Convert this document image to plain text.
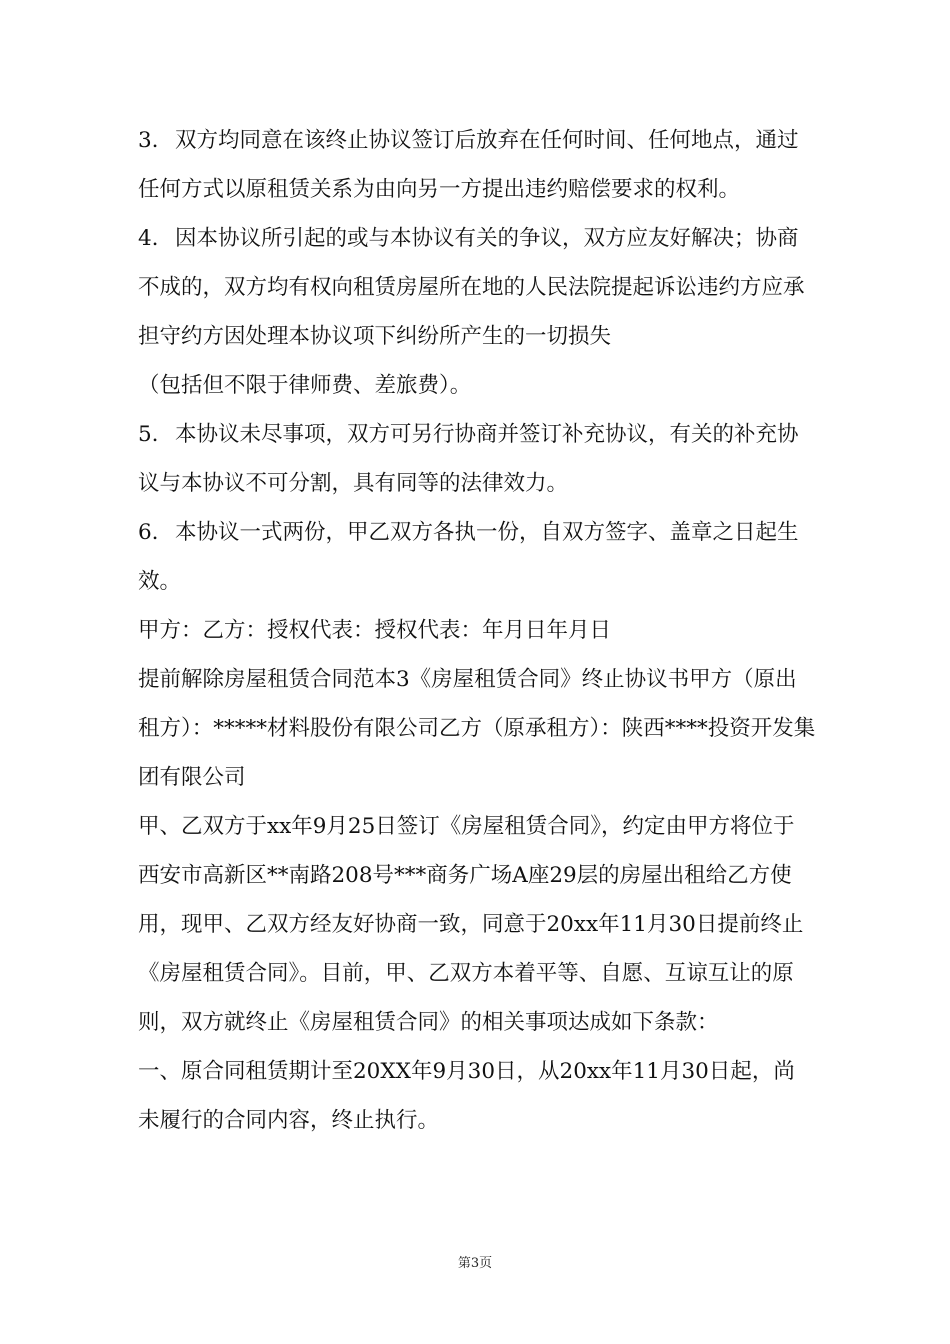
3. 双方均同意在该终止协议签订后放弃在任何时间、任何地点，通过任何方式以原租赁关系为由向另一方提出违约赔偿要求的权利。

4. 因本协议所引起的或与本协议有关的争议，双方应友好解决；协商不成的，双方均有权向租赁房屋所在地的人民法院提起诉讼违约方应承担守约方因处理本协议项下纠纷所产生的一切损失

（包括但不限于律师费、差旅费）。

5. 本协议未尽事项，双方可另行协商并签订补充协议，有关的补充协议与本协议不可分割，具有同等的法律效力。

6. 本协议一式两份，甲乙双方各执一份，自双方签字、盖章之日起生效。

甲方：乙方：授权代表：授权代表：年月日年月日

提前解除房屋租赁合同范本3《房屋租赁合同》终止协议书甲方（原出租方）：*****材料股份有限公司乙方（原承租方）：陕西****投资开发集团有限公司

甲、乙双方于xx年9月25日签订《房屋租赁合同》，约定由甲方将位于西安市高新区**南路208号***商务广场A座29层的房屋出租给乙方使用，现甲、乙双方经友好协商一致，同意于20xx年11月30日提前终止《房屋租赁合同》。目前，甲、乙双方本着平等、自愿、互谅互让的原则，双方就终止《房屋租赁合同》的相关事项达成如下条款：

一、原合同租赁期计至20XX年9月30日，从20xx年11月30日起，尚未履行的合同内容，终止执行。

第3页
